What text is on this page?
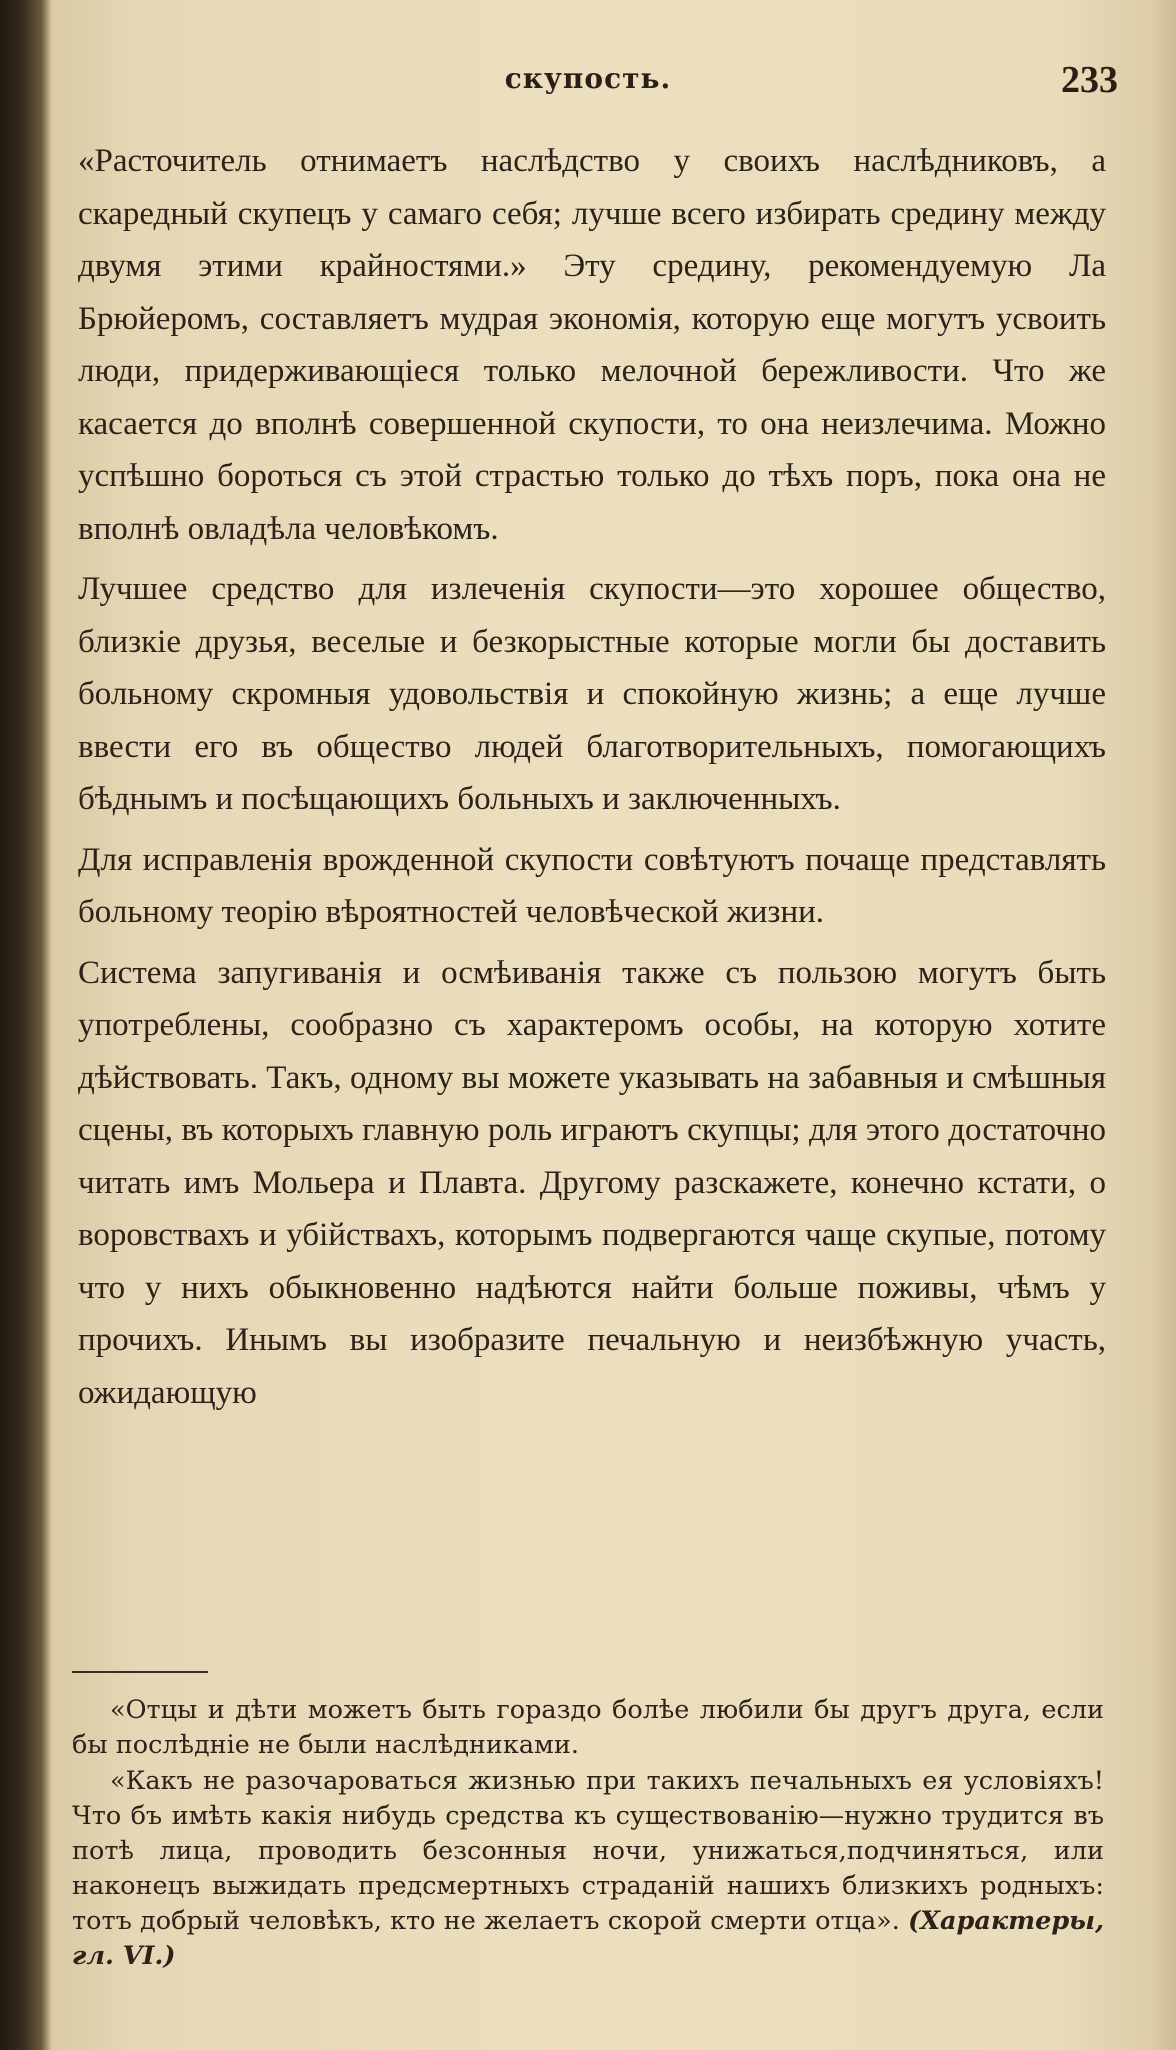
скупость.	233

«Расточитель отнимаетъ наслѣдство у своихъ наслѣдниковъ, а скаредный скупецъ у самаго себя; лучше всего избирать средину между двумя этими крайностями.» Эту средину, рекомендуемую Ла Брюйеромъ, составляетъ мудрая экономія, которую еще могутъ усвоить люди, придерживающіеся только мелочной бережливости. Что же касается до вполнѣ совершенной скупости, то она неизлечима. Можно успѣшно бороться съ этой страстью только до тѣхъ поръ, пока она не вполнѣ овладѣла человѣкомъ.

Лучшее средство для излеченія скупости—это хорошее общество, близкіе друзья, веселые и безкорыстные которые могли бы доставить больному скромныя удовольствія и спокойную жизнь; а еще лучше ввести его въ общество людей благотворительныхъ, помогающихъ бѣднымъ и посѣщающихъ больныхъ и заключенныхъ.

Для исправленія врожденной скупости совѣтуютъ почаще представлять больному теорію вѣроятностей человѣческой жизни.

Система запугиванія и осмѣиванія также съ пользою могутъ быть употреблены, сообразно съ характеромъ особы, на которую хотите дѣйствовать. Такъ, одному вы можете указывать на забавныя и смѣшныя сцены, въ которыхъ главную роль играютъ скупцы; для этого достаточно читать имъ Мольера и Плавта. Другому разскажете, конечно кстати, о воровствахъ и убійствахъ, которымъ подвергаются чаще скупые, потому что у нихъ обыкновенно надѣются найти больше поживы, чѣмъ у прочихъ. Инымъ вы изобразите печальную и неизбѣжную участь, ожидающую

«Отцы и дѣти можетъ быть гораздо болѣе любили бы другъ друга, если бы послѣдніе не были наслѣдниками.

«Какъ не разочароваться жизнью при такихъ печальныхъ ея условіяхъ! Что бъ имѣть какія нибудь средства къ существованію—нужно трудится въ потѣ лица, проводить безсонныя ночи, унижаться,подчиняться, или наконецъ выжидать предсмертныхъ страданій нашихъ близкихъ родныхъ: тотъ добрый человѣкъ, кто не желаетъ скорой смерти отца». (Характеры, гл. VI.)
